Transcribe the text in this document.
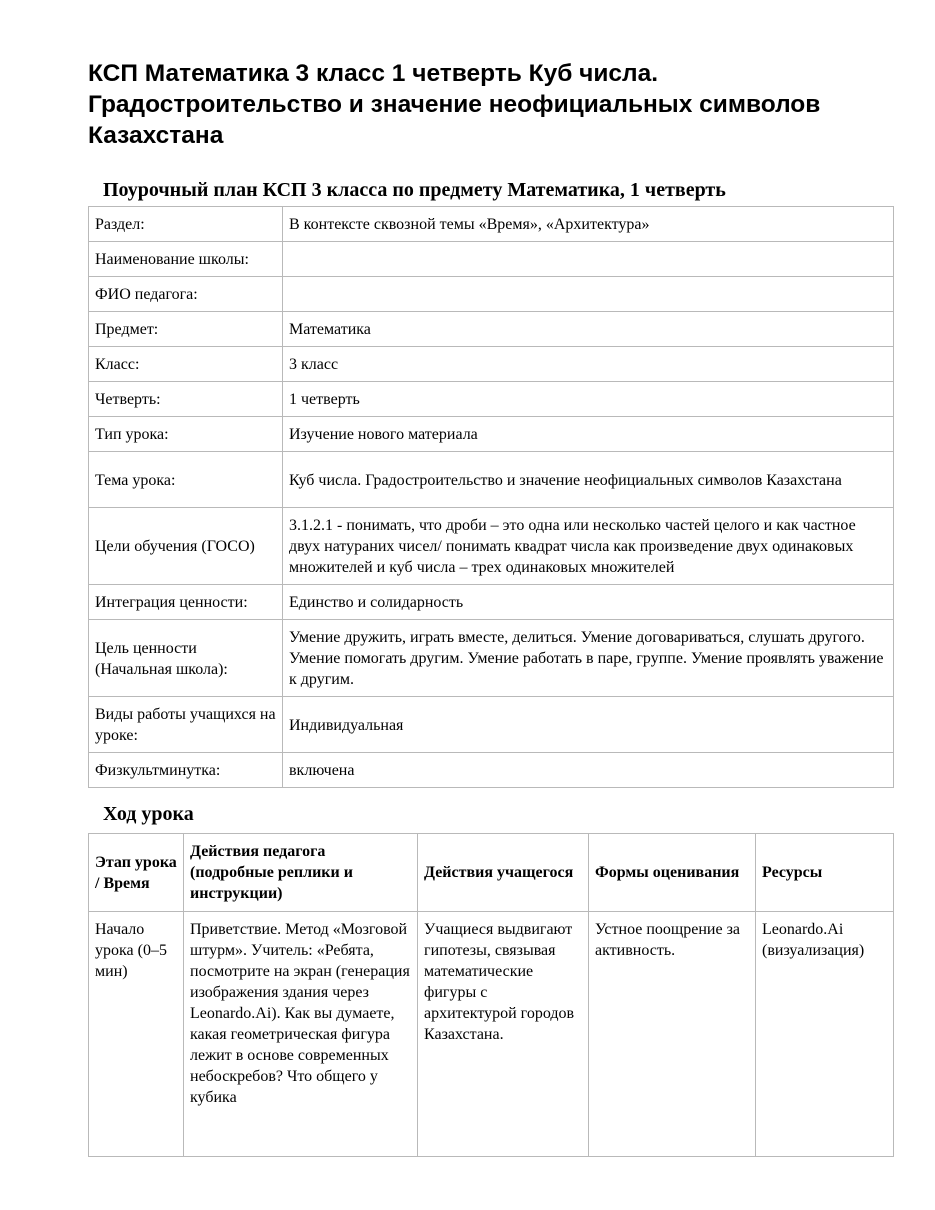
КСП Математика 3 класс 1 четверть Куб числа. Градостроительство и значение неофициальных символов Казахстана
Поурочный план КСП 3 класса по предмету Математика, 1 четверть
Раздел:	В контексте сквозной темы «Время», «Архитектура»
Наименование школы:	
ФИО педагога:	
Предмет:	Математика
Класс:	3 класс
Четверть:	1 четверть
Тип урока:	Изучение нового материала
Тема урока:	Куб числа. Градостроительство и значение неофициальных символов Казахстана
Цели обучения (ГОСО)	3.1.2.1 - понимать, что дроби – это одна или несколько частей целого и как частное двух натураних чисел/ понимать квадрат числа как произведение двух одинаковых множителей и куб числа – трех одинаковых множителей
Интеграция ценности:	Единство и солидарность
Цель ценности (Начальная школа):	Умение дружить, играть вместе, делиться. Умение договариваться, слушать другого. Умение помогать другим. Умение работать в паре, группе. Умение проявлять уважение к другим.
Виды работы учащихся на уроке:	Индивидуальная
Физкультминутка:	включена
Ход урока
Этап урока / Время	Действия педагога (подробные реплики и инструкции)	Действия учащегося	Формы оценивания	Ресурсы
Начало урока (0–5 мин)	Приветствие. Метод «Мозговой штурм». Учитель: «Ребята, посмотрите на экран (генерация изображения здания через Leonardo.Ai). Как вы думаете, какая геометрическая фигура лежит в основе современных небоскребов? Что общего у кубика	Учащиеся выдвигают гипотезы, связывая математические фигуры с архитектурой городов Казахстана.	Устное поощрение за активность.	Leonardo.Ai (визуализация)
